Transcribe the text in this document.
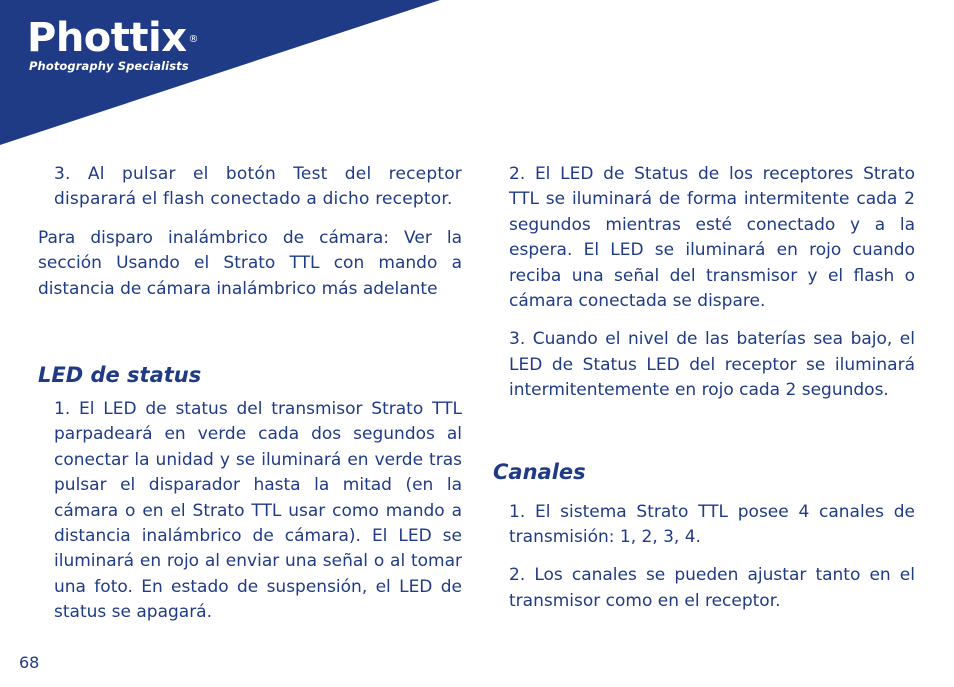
Phottix ®
Photography Specialists

3. Al pulsar el botón Test del receptor disparará el flash conectado a dicho receptor.

Para disparo inalámbrico de cámara: Ver la sección Usando el Strato TTL con mando a distancia de cámara inalámbrico más adelante

LED de status

1. El LED de status del transmisor Strato TTL parpadeará en verde cada dos segundos al conectar la unidad y se iluminará en verde tras pulsar el disparador hasta la mitad (en la cámara o en el Strato TTL usar como mando a distancia inalámbrico de cámara). El LED se iluminará en rojo al enviar una señal o al tomar una foto. En estado de suspensión, el LED de status se apagará.

2. El LED de Status de los receptores Strato TTL se iluminará de forma intermitente cada 2 segundos mientras esté conectado y a la espera. El LED se iluminará en rojo cuando reciba una señal del transmisor y el flash o cámara conectada se dispare.

3. Cuando el nivel de las baterías sea bajo, el LED de Status LED del receptor se iluminará intermitentemente en rojo cada 2 segundos.

Canales

1. El sistema Strato TTL posee 4 canales de transmisión: 1, 2, 3, 4.

2. Los canales se pueden ajustar tanto en el transmisor como en el receptor.

68
